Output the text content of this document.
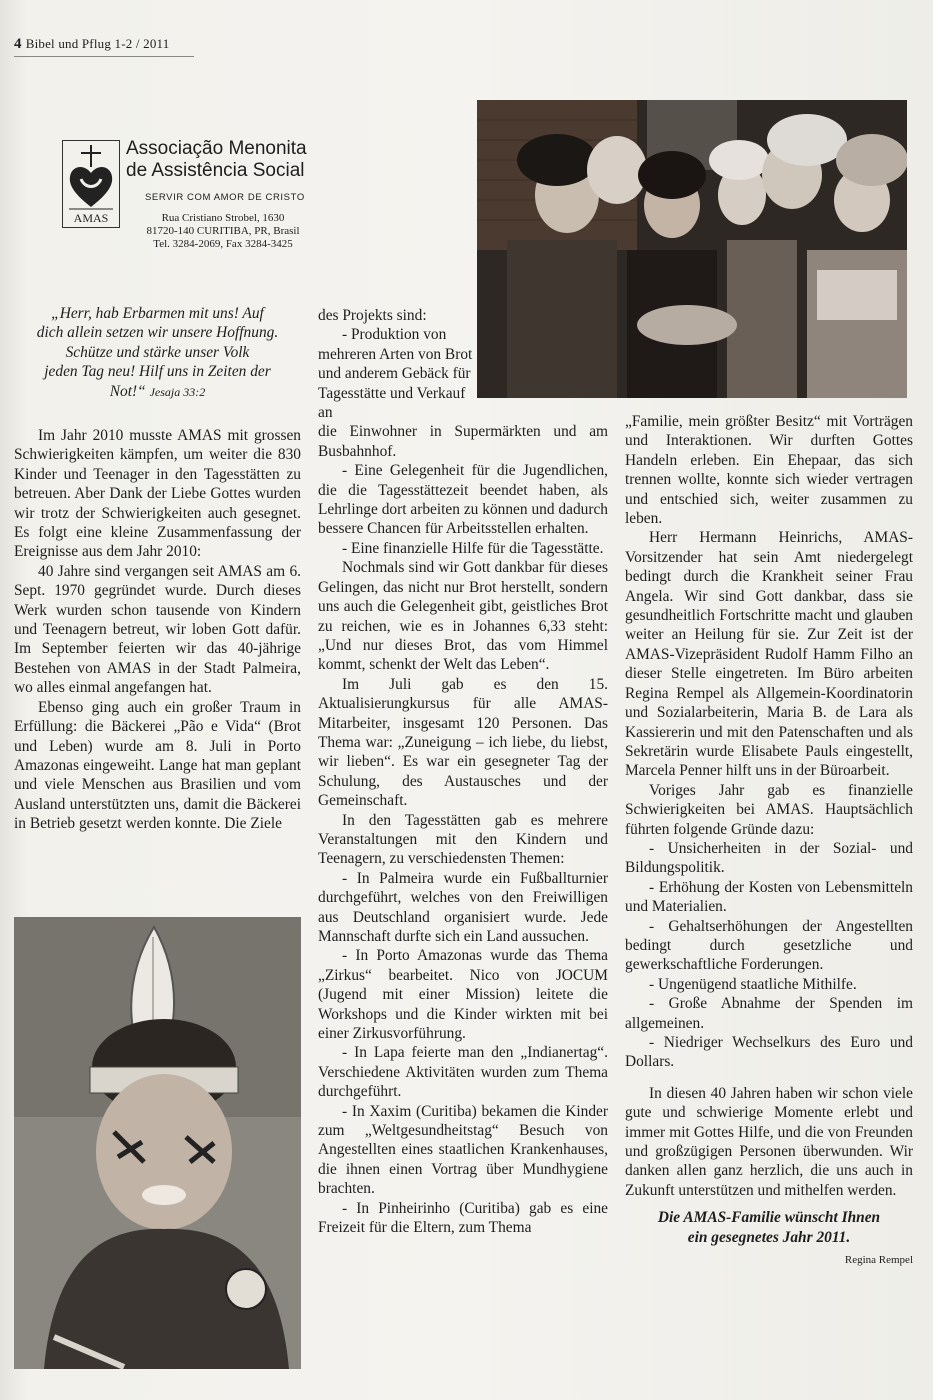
4 Bibel und Pflug 1-2 / 2011
AMAS
Associação Menonita
de Assistência Social
SERVIR COM AMOR DE CRISTO
Rua Cristiano Strobel, 1630
81720-140 CURITIBA, PR, Brasil
Tel. 3284-2069, Fax 3284-3425
„Herr, hab Erbarmen mit uns! Auf
dich allein setzen wir unsere Hoffnung.
Schütze und stärke unser Volk
jeden Tag neu! Hilf uns in Zeiten der
Not!“ Jesaja 33:2

Im Jahr 2010 musste AMAS mit grossen Schwierigkeiten kämpfen, um weiter die 830 Kinder und Teenager in den Tagesstätten zu betreuen. Aber Dank der Liebe Gottes wurden wir trotz der Schwierigkeiten auch gesegnet. Es folgt eine kleine Zusammenfassung der Ereignisse aus dem Jahr 2010:

40 Jahre sind vergangen seit AMAS am 6. Sept. 1970 gegründet wurde. Durch dieses Werk wurden schon tausende von Kindern und Teenagern betreut, wir loben Gott dafür. Im September feierten wir das 40-jährige Bestehen von AMAS in der Stadt Palmeira, wo alles einmal angefangen hat.

Ebenso ging auch ein großer Traum in Erfüllung: die Bäckerei „Pão e Vida“ (Brot und Leben) wurde am 8. Juli in Porto Amazonas eingeweiht. Lange hat man geplant und viele Menschen aus Brasilien und vom Ausland unterstützten uns, damit die Bäckerei in Betrieb gesetzt werden konnte. Die Ziele

des Projekts sind:

- Produktion von mehreren Arten von Brot und anderem Gebäck für Tagesstätte und Verkauf an

die Einwohner in Supermärkten und am Busbahnhof.

- Eine Gelegenheit für die Jugendlichen, die die Tagesstättezeit beendet haben, als Lehrlinge dort arbeiten zu können und dadurch bessere Chancen für Arbeitsstellen erhalten.

- Eine finanzielle Hilfe für die Tagesstätte.

Nochmals sind wir Gott dankbar für dieses Gelingen, das nicht nur Brot herstellt, sondern uns auch die Gelegenheit gibt, geistliches Brot zu reichen, wie es in Johannes 6,33 steht: „Und nur dieses Brot, das vom Himmel kommt, schenkt der Welt das Leben“.

Im Juli gab es den 15. Aktualisierungkursus für alle AMAS-Mitarbeiter, insgesamt 120 Personen. Das Thema war: „Zuneigung – ich liebe, du liebst, wir lieben“. Es war ein gesegneter Tag der Schulung, des Austausches und der Gemeinschaft.

In den Tagesstätten gab es mehrere Veranstaltungen mit den Kindern und Teenagern, zu verschiedensten Themen:

- In Palmeira wurde ein Fußballturnier durchgeführt, welches von den Freiwilligen aus Deutschland organisiert wurde. Jede Mannschaft durfte sich ein Land aussuchen.

- In Porto Amazonas wurde das Thema „Zirkus“ bearbeitet. Nico von JOCUM (Jugend mit einer Mission) leitete die Workshops und die Kinder wirkten mit bei einer Zirkusvorführung.

- In Lapa feierte man den „Indianertag“. Verschiedene Aktivitäten wurden zum Thema durchgeführt.

- In Xaxim (Curitiba) bekamen die Kinder zum „Weltgesundheitstag“ Besuch von Angestellten eines staatlichen Krankenhauses, die ihnen einen Vortrag über Mundhygiene brachten.

- In Pinheirinho (Curitiba) gab es eine Freizeit für die Eltern, zum Thema

„Familie, mein größter Besitz“ mit Vorträgen und Interaktionen. Wir durften Gottes Handeln erleben. Ein Ehepaar, das sich trennen wollte, konnte sich wieder vertragen und entschied sich, weiter zusammen zu leben.

Herr Hermann Heinrichs, AMAS-Vorsitzender hat sein Amt niedergelegt bedingt durch die Krankheit seiner Frau Angela. Wir sind Gott dankbar, dass sie gesundheitlich Fortschritte macht und glauben weiter an Heilung für sie. Zur Zeit ist der AMAS-Vizepräsident Rudolf Hamm Filho an dieser Stelle eingetreten. Im Büro arbeiten Regina Rempel als Allgemein-Koordinatorin und Sozialarbeiterin, Maria B. de Lara als Kassiererin und mit den Patenschaften und als Sekretärin wurde Elisabete Pauls eingestellt, Marcela Penner hilft uns in der Büroarbeit.

Voriges Jahr gab es finanzielle Schwierigkeiten bei AMAS. Hauptsächlich führten folgende Gründe dazu:

- Unsicherheiten in der Sozial- und Bildungspolitik.

- Erhöhung der Kosten von Lebensmitteln und Materialien.

- Gehaltserhöhungen der Angestellten bedingt durch gesetzliche und gewerkschaftliche Forderungen.

- Ungenügend staatliche Mithilfe.

- Große Abnahme der Spenden im allgemeinen.

- Niedriger Wechselkurs des Euro und Dollars.

In diesen 40 Jahren haben wir schon viele gute und schwierige Momente erlebt und immer mit Gottes Hilfe, und die von Freunden und großzügigen Personen überwunden. Wir danken allen ganz herzlich, die uns auch in Zukunft unterstützen und mithelfen werden.

Die AMAS-Familie wünscht Ihnen
ein gesegnetes Jahr 2011.
Regina Rempel
